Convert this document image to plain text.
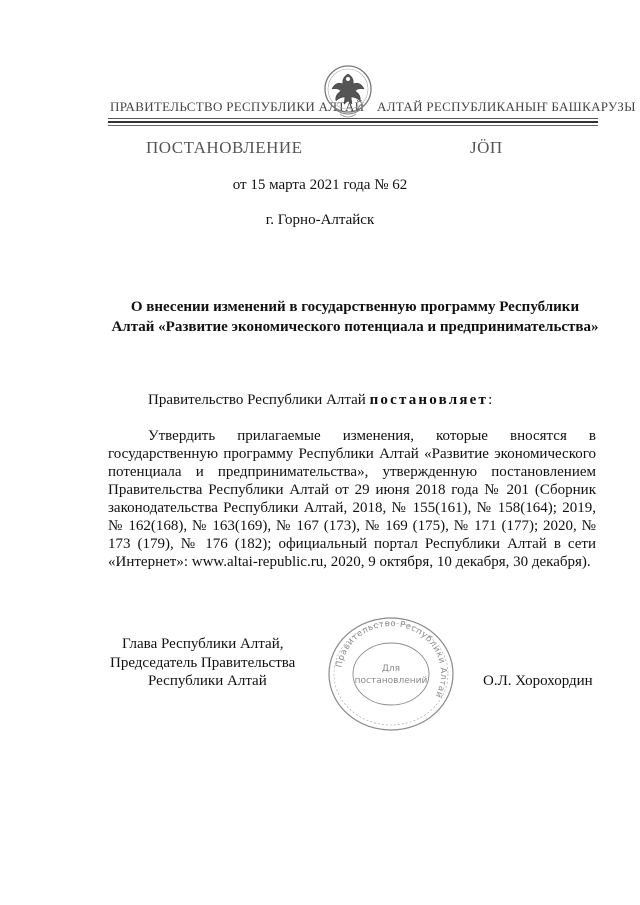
ПРАВИТЕЛЬСТВО РЕСПУБЛИКИ АЛТАЙ АЛТАЙ РЕСПУБЛИКАНЫҤ БАШКАРУЗЫ
ПОСТАНОВЛЕНИЕ	ЈӦП
от 15 марта 2021 года № 62
г. Горно-Алтайск
О внесении изменений в государственную программу Республики Алтай «Развитие экономического потенциала и предпринимательства»
Правительство Республики Алтай постановляет:
Утвердить прилагаемые изменения, которые вносятся в государственную программу Республики Алтай «Развитие экономического потенциала и предпринимательства», утвержденную постановлением Правительства Республики Алтай от 29 июня 2018 года № 201 (Сборник законодательства Республики Алтай, 2018, № 155(161), № 158(164); 2019, № 162(168), № 163(169), № 167 (173), № 169 (175), № 171 (177); 2020, № 173 (179), № 176 (182); официальный портал Республики Алтай в сети «Интернет»: www.altai-republic.ru, 2020, 9 октября, 10 декабря, 30 декабря).
Глава Республики Алтай,
Председатель Правительства
Республики Алтай
Правительство Республики Алтай
Для
постановлений	О.Л. Хорохордин
